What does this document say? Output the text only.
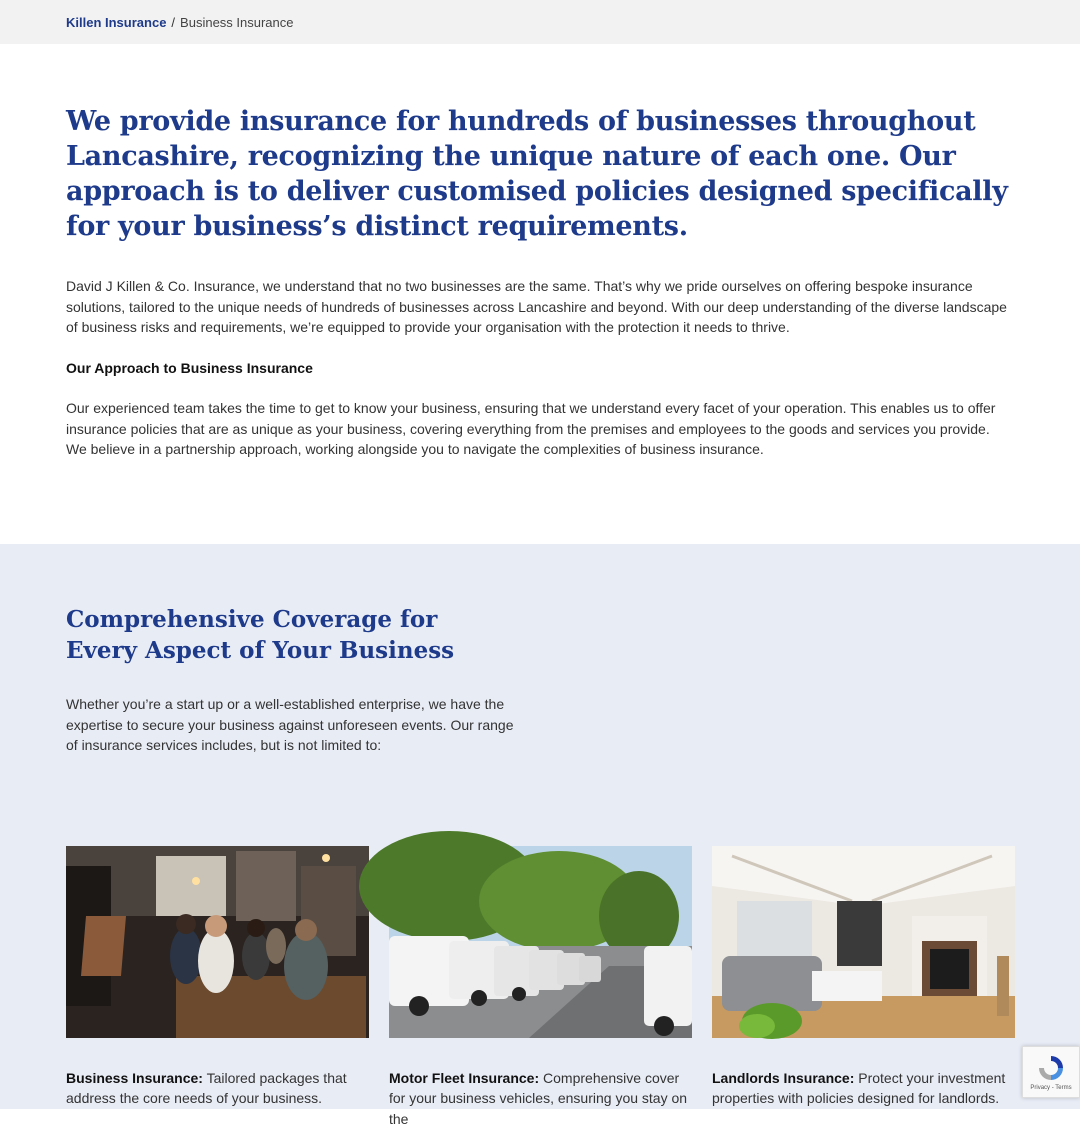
Killen Insurance / Business Insurance
We provide insurance for hundreds of businesses throughout Lancashire, recognizing the unique nature of each one. Our approach is to deliver customised policies designed specifically for your business’s distinct requirements.

David J Killen & Co. Insurance, we understand that no two businesses are the same. That’s why we pride ourselves on offering bespoke insurance solutions, tailored to the unique needs of hundreds of businesses across Lancashire and beyond. With our deep understanding of the diverse landscape of business risks and requirements, we’re equipped to provide your organisation with the protection it needs to thrive.

Our Approach to Business Insurance

Our experienced team takes the time to get to know your business, ensuring that we understand every facet of your operation. This enables us to offer insurance policies that are as unique as your business, covering everything from the premises and employees to the goods and services you provide. We believe in a partnership approach, working alongside you to navigate the complexities of business insurance.

Comprehensive Coverage for Every Aspect of Your Business

Whether you’re a start up or a well-established enterprise, we have the expertise to secure your business against unforeseen events. Our range of insurance services includes, but is not limited to:

Business Insurance: Tailored packages that address the core needs of your business.

Motor Fleet Insurance: Comprehensive cover for your business vehicles, ensuring you stay on the

Landlords Insurance: Protect your investment properties with policies designed for landlords.

Privacy - Terms
